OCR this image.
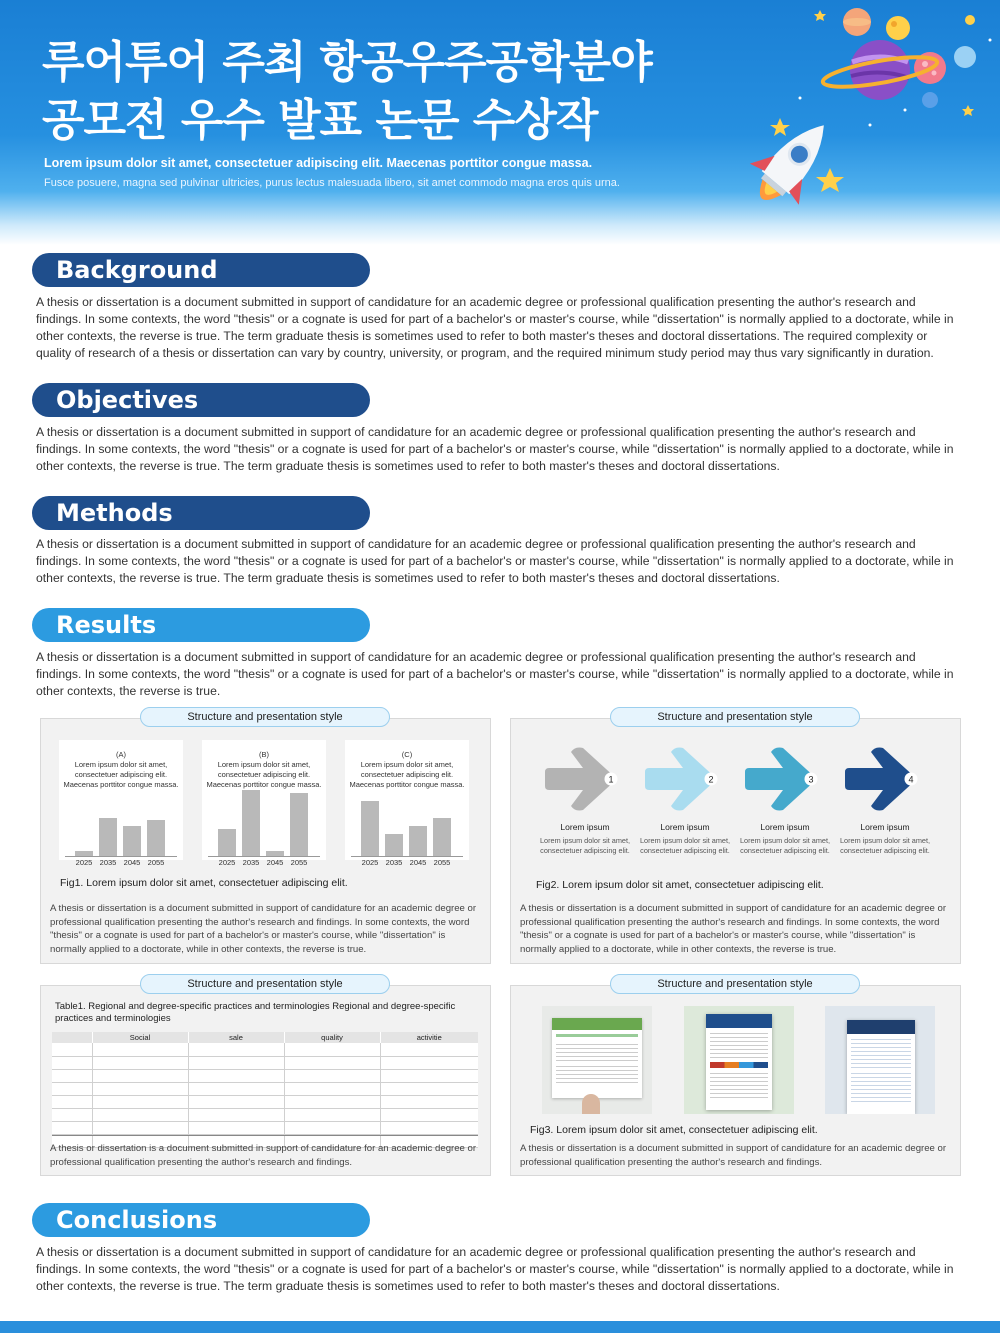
루어투어 주최 항공우주공학분야
공모전 우수 발표 논문 수상작
Lorem ipsum dolor sit amet, consectetuer adipiscing elit. Maecenas porttitor congue massa.
Fusce posuere, magna sed pulvinar ultricies, purus lectus malesuada libero, sit amet commodo magna eros quis urna.
Background
A thesis or dissertation is a document submitted in support of candidature for an academic degree or professional qualification presenting the author's research and findings. In some contexts, the word "thesis" or a cognate is used for part of a bachelor's or master's course, while "dissertation" is normally applied to a doctorate, while in other contexts, the reverse is true. The term graduate thesis is sometimes used to refer to both master's theses and doctoral dissertations. The required complexity or quality of research of a thesis or dissertation can vary by country, university, or program, and the required minimum study period may thus vary significantly in duration.
Objectives
A thesis or dissertation is a document submitted in support of candidature for an academic degree or professional qualification presenting the author's research and findings. In some contexts, the word "thesis" or a cognate is used for part of a bachelor's or master's course, while "dissertation" is normally applied to a doctorate, while in other contexts, the reverse is true. The term graduate thesis is sometimes used to refer to both master's theses and doctoral dissertations.
Methods
A thesis or dissertation is a document submitted in support of candidature for an academic degree or professional qualification presenting the author's research and findings. In some contexts, the word "thesis" or a cognate is used for part of a bachelor's or master's course, while "dissertation" is normally applied to a doctorate, while in other contexts, the reverse is true. The term graduate thesis is sometimes used to refer to both master's theses and doctoral dissertations.
Results
A thesis or dissertation is a document submitted in support of candidature for an academic degree or professional qualification presenting the author's research and findings. In some contexts, the word "thesis" or a cognate is used for part of a bachelor's or master's course, while "dissertation" is normally applied to a doctorate, while in other contexts, the reverse is true.
Structure and presentation style
(A)
Lorem ipsum dolor sit amet, consectetuer adipiscing elit. Maecenas porttitor congue massa.
2025 2035 2045 2055
(B)
Lorem ipsum dolor sit amet, consectetuer adipiscing elit. Maecenas porttitor congue massa.
2025 2035 2045 2055
(C)
Lorem ipsum dolor sit amet, consectetuer adipiscing elit. Maecenas porttitor congue massa.
2025 2035 2045 2055
Fig1. Lorem ipsum dolor sit amet, consectetuer adipiscing elit.
A thesis or dissertation is a document submitted in support of candidature for an academic degree or professional qualification presenting the author's research and findings. In some contexts, the word "thesis" or a cognate is used for part of a bachelor's or master's course, while "dissertation" is normally applied to a doctorate, while in other contexts, the reverse is true.
Structure and presentation style
1
Lorem ipsum
Lorem ipsum dolor sit amet, consectetuer adipiscing elit.
2
Lorem ipsum
Lorem ipsum dolor sit amet, consectetuer adipiscing elit.
3
Lorem ipsum
Lorem ipsum dolor sit amet, consectetuer adipiscing elit.
4
Lorem ipsum
Lorem ipsum dolor sit amet, consectetuer adipiscing elit.
Fig2. Lorem ipsum dolor sit amet, consectetuer adipiscing elit.
A thesis or dissertation is a document submitted in support of candidature for an academic degree or professional qualification presenting the author's research and findings. In some contexts, the word "thesis" or a cognate is used for part of a bachelor's or master's course, while "dissertation" is normally applied to a doctorate, while in other contexts, the reverse is true.
Structure and presentation style
Table1. Regional and degree-specific practices and terminologies Regional and degree-specific practices and terminologies
	Social	sale	quality	activitie

A thesis or dissertation is a document submitted in support of candidature for an academic degree or professional qualification presenting the author's research and findings.
Structure and presentation style
Fig3. Lorem ipsum dolor sit amet, consectetuer adipiscing elit.
A thesis or dissertation is a document submitted in support of candidature for an academic degree or professional qualification presenting the author's research and findings.
Conclusions
A thesis or dissertation is a document submitted in support of candidature for an academic degree or professional qualification presenting the author's research and findings. In some contexts, the word "thesis" or a cognate is used for part of a bachelor's or master's course, while "dissertation" is normally applied to a doctorate, while in other contexts, the reverse is true. The term graduate thesis is sometimes used to refer to both master's theses and doctoral dissertations.
